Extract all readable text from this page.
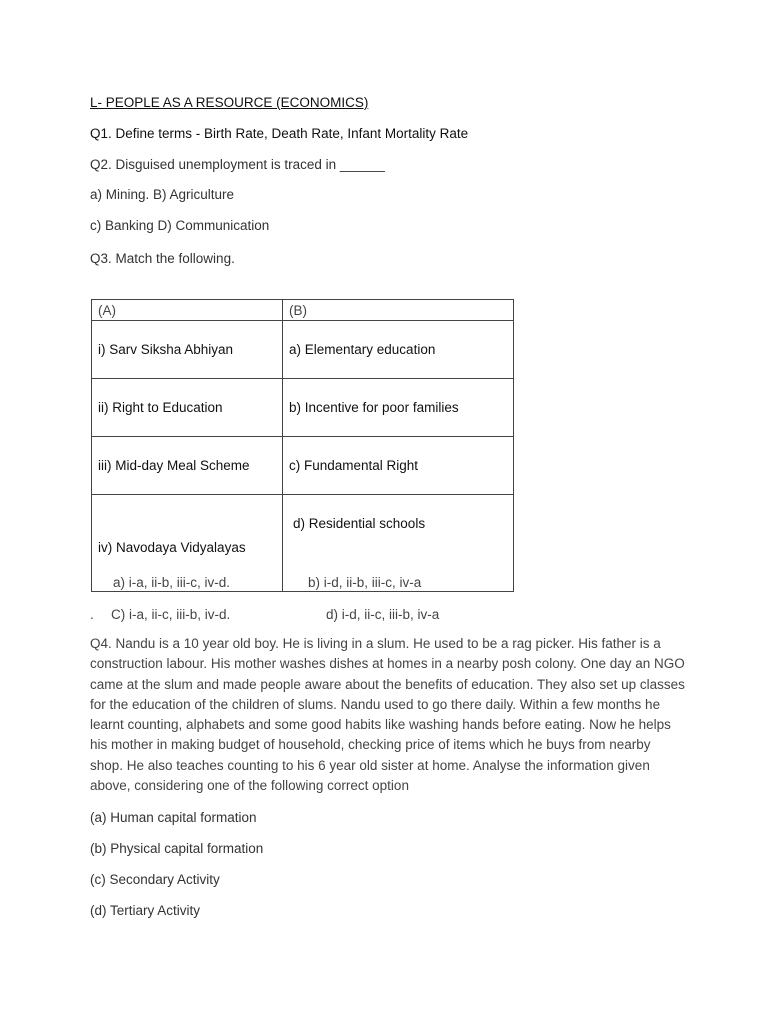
L- PEOPLE AS A RESOURCE (ECONOMICS)
Q1. Define terms - Birth Rate, Death Rate, Infant Mortality Rate
Q2. Disguised unemployment is traced in ______
a) Mining. B) Agriculture
c) Banking D) Communication
Q3. Match the following.
(A)	(B)
i) Sarv Siksha Abhiyan	a) Elementary education
ii) Right to Education	b) Incentive for poor families
iii) Mid-day Meal Scheme	c) Fundamental Right
iv) Navodaya Vidyalayas	d) Residential schools
a) i-a, ii-b, iii-c, iv-d.	b) i-d, ii-b, iii-c, iv-a
. C) i-a, ii-c, iii-b, iv-d.	d) i-d, ii-c, iii-b, iv-a
Q4. Nandu is a 10 year old boy. He is living in a slum. He used to be a rag picker. His father is a construction labour. His mother washes dishes at homes in a nearby posh colony. One day an NGO came at the slum and made people aware about the benefits of education. They also set up classes for the education of the children of slums. Nandu used to go there daily. Within a few months he learnt counting, alphabets and some good habits like washing hands before eating. Now he helps his mother in making budget of household, checking price of items which he buys from nearby shop. He also teaches counting to his 6 year old sister at home. Analyse the information given above, considering one of the following correct option
(a) Human capital formation
(b) Physical capital formation
(c) Secondary Activity
(d) Tertiary Activity
